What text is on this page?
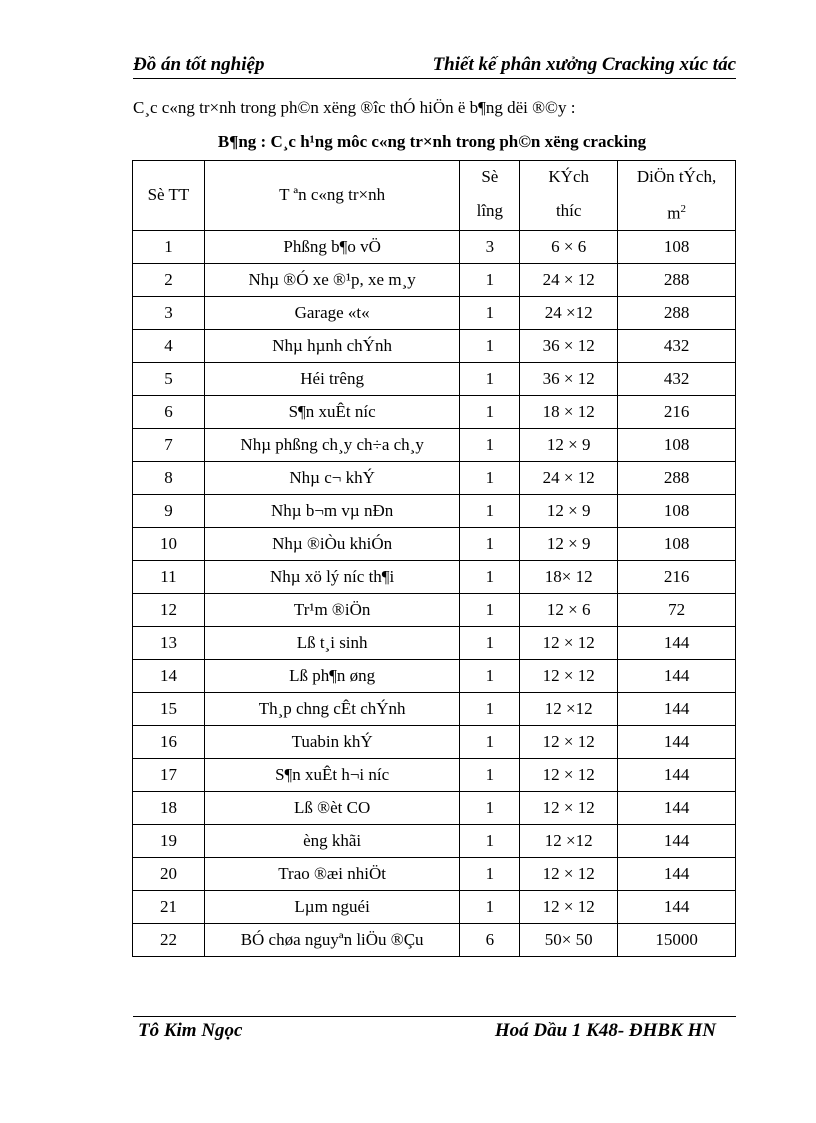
Đồ án tốt nghiệp	Thiết kế phân xưởng Cracking xúc tác
C¸c c«ng tr×nh trong ph©n xëng ®îc thÓ hiÖn ë b¶ng dëi ®©y :
B¶ng : C¸c h¹ng môc c«ng tr×nh trong ph©n xëng cracking
Sè TT	T ªn c«ng tr×nh	Sè	KÝch	DiÖn tÝch,
		lîng	thíc	$m^2$
1	Phßng b¶o vÖ	3	6 × 6	108
2	Nhµ ®Ó xe ®¹p, xe m¸y	1	24 × 12	288
3	Garage «t«	1	24 ×12	288
4	Nhµ hµnh chÝnh	1	36 × 12	432
5	Héi trêng	1	36 × 12	432
6	S¶n xuÊt níc	1	18 × 12	216
7	Nhµ phßng ch¸y ch÷a ch¸y	1	12 × 9	108
8	Nhµ c¬ khÝ	1	24 × 12	288
9	Nhµ b¬m vµ nÐn	1	12 × 9	108
10	Nhµ ®iÒu khiÓn	1	12 × 9	108
11	Nhµ xö lý níc th¶i	1	18× 12	216
12	Tr¹m ®iÖn	1	12 × 6	72
13	Lß t¸i sinh	1	12 × 12	144
14	Lß ph¶n øng	1	12 × 12	144
15	Th¸p chng cÊt chÝnh	1	12 ×12	144
16	Tuabin khÝ	1	12 × 12	144
17	S¶n xuÊt h¬i níc	1	12 × 12	144
18	Lß ®èt CO	1	12 × 12	144
19	èng khãi	1	12 ×12	144
20	Trao ®æi nhiÖt	1	12 × 12	144
21	Lµm nguéi	1	12 × 12	144
22	BÓ chøa nguyªn liÖu ®Çu	6	50× 50	15000
Tô Kim Ngọc	Hoá Dầu 1 K48- ĐHBK HN
